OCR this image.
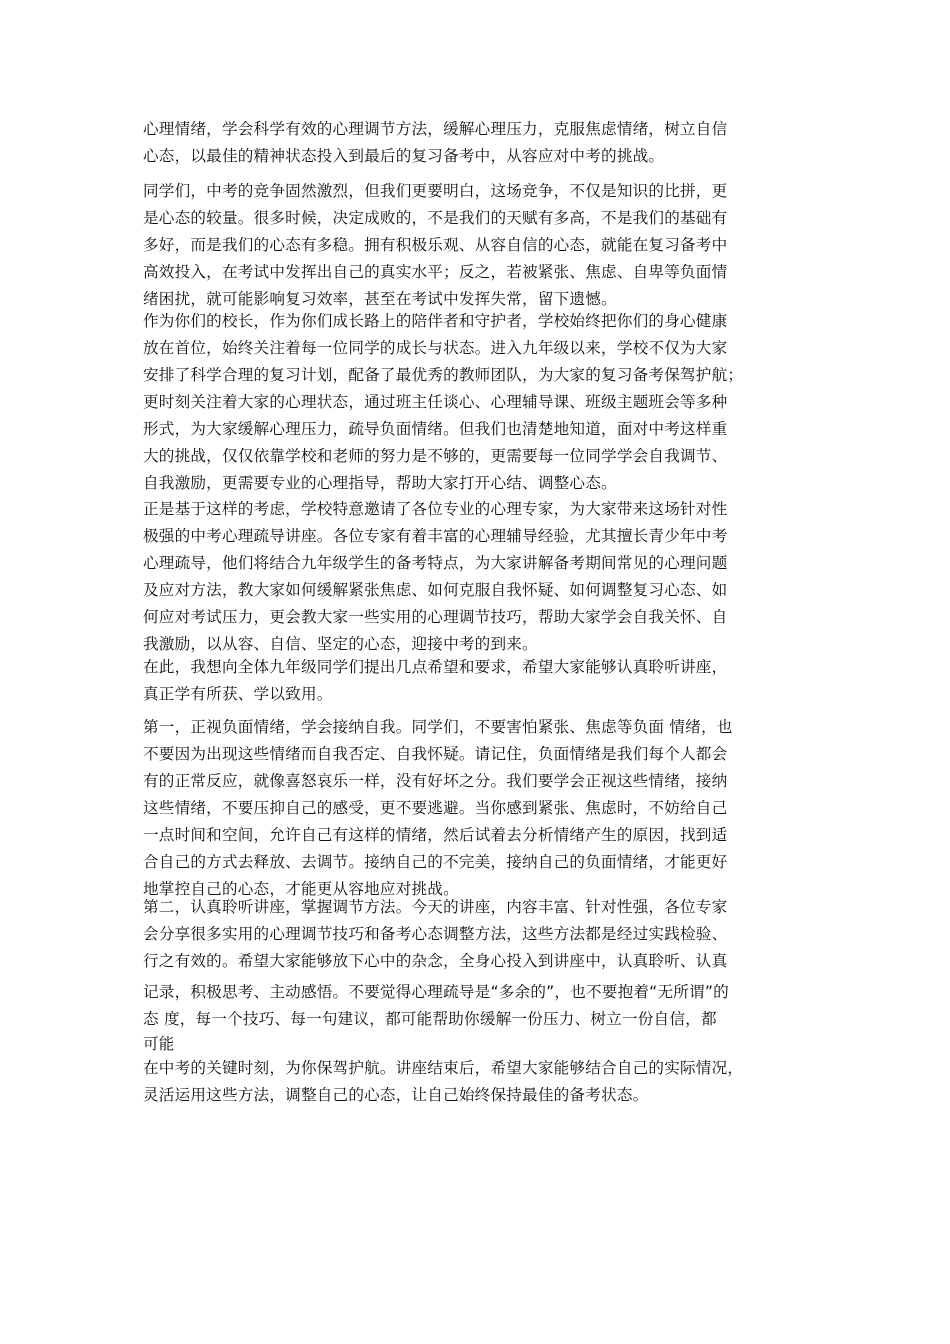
心理情绪，学会科学有效的心理调节方法，缓解心理压力，克服焦虑情绪，树立自信
心态，以最佳的精神状态投入到最后的复习备考中，从容应对中考的挑战。
同学们，中考的竞争固然激烈，但我们更要明白，这场竞争，不仅是知识的比拼，更
是心态的较量。很多时候，决定成败的，不是我们的天赋有多高，不是我们的基础有
多好，而是我们的心态有多稳。拥有积极乐观、从容自信的心态，就能在复习备考中
高效投入，在考试中发挥出自己的真实水平；反之，若被紧张、焦虑、自卑等负面情
绪困扰，就可能影响复习效率，甚至在考试中发挥失常，留下遗憾。
作为你们的校长，作为你们成长路上的陪伴者和守护者，学校始终把你们的身心健康
放在首位，始终关注着每一位同学的成长与状态。进入九年级以来，学校不仅为大家
安排了科学合理的复习计划，配备了最优秀的教师团队，为大家的复习备考保驾护航；
更时刻关注着大家的心理状态，通过班主任谈心、心理辅导课、班级主题班会等多种
形式，为大家缓解心理压力，疏导负面情绪。但我们也清楚地知道，面对中考这样重
大的挑战，仅仅依靠学校和老师的努力是不够的，更需要每一位同学学会自我调节、
自我激励，更需要专业的心理指导，帮助大家打开心结、调整心态。
正是基于这样的考虑，学校特意邀请了各位专业的心理专家，为大家带来这场针对性
极强的中考心理疏导讲座。各位专家有着丰富的心理辅导经验，尤其擅长青少年中考
心理疏导，他们将结合九年级学生的备考特点，为大家讲解备考期间常见的心理问题
及应对方法，教大家如何缓解紧张焦虑、如何克服自我怀疑、如何调整复习心态、如
何应对考试压力，更会教大家一些实用的心理调节技巧，帮助大家学会自我关怀、自
我激励，以从容、自信、坚定的心态，迎接中考的到来。
在此，我想向全体九年级同学们提出几点希望和要求，希望大家能够认真聆听讲座，
真正学有所获、学以致用。
第一，正视负面情绪，学会接纳自我。同学们，不要害怕紧张、焦虑等负面 情绪，也
不要因为出现这些情绪而自我否定、自我怀疑。请记住，负面情绪是我们每个人都会
有的正常反应，就像喜怒哀乐一样，没有好坏之分。我们要学会正视这些情绪，接纳
这些情绪，不要压抑自己的感受，更不要逃避。当你感到紧张、焦虑时，不妨给自己
一点时间和空间，允许自己有这样的情绪，然后试着去分析情绪产生的原因，找到适
合自己的方式去释放、去调节。接纳自己的不完美，接纳自己的负面情绪，才能更好
地掌控自己的心态，才能更从容地应对挑战。
第二，认真聆听讲座，掌握调节方法。今天的讲座，内容丰富、针对性强，各位专家
会分享很多实用的心理调节技巧和备考心态调整方法，这些方法都是经过实践检验、
行之有效的。希望大家能够放下心中的杂念，全身心投入到讲座中，认真聆听、认真
记录，积极思考、主动感悟。不要觉得心理疏导是“多余的”，也不要抱着“无所谓”的
态 度，每一个技巧、每一句建议，都可能帮助你缓解一份压力、树立一份自信，都
可能
在中考的关键时刻，为你保驾护航。讲座结束后，希望大家能够结合自己的实际情况，
灵活运用这些方法，调整自己的心态，让自己始终保持最佳的备考状态。
